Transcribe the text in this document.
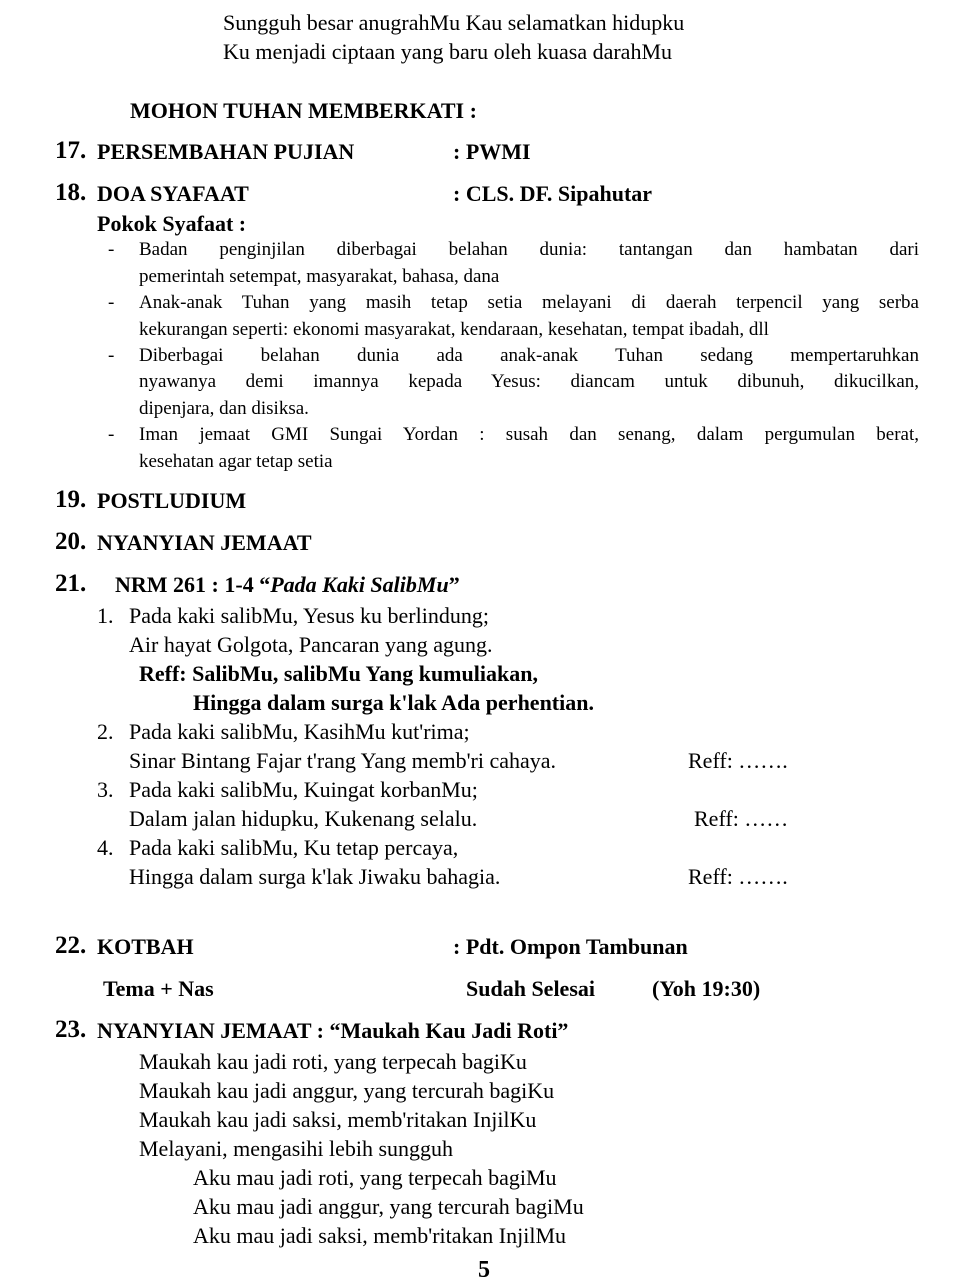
Sungguh besar anugrahMu Kau selamatkan hidupku
Ku menjadi ciptaan yang baru oleh kuasa darahMu
MOHON TUHAN MEMBERKATI :
17. PERSEMBAHAN PUJIAN	: PWMI
18. DOA SYAFAAT	: CLS. DF. Sipahutar
Pokok Syafaat :
- Badan penginjilan diberbagai belahan dunia: tantangan dan hambatan dari
pemerintah setempat, masyarakat, bahasa, dana
- Anak-anak Tuhan yang masih tetap setia melayani di daerah terpencil yang serba
kekurangan seperti: ekonomi masyarakat, kendaraan, kesehatan, tempat ibadah, dll
- Diberbagai belahan dunia ada anak-anak Tuhan sedang mempertaruhkan
nyawanya demi imannya kepada Yesus: diancam untuk dibunuh, dikucilkan,
dipenjara, dan disiksa.
- Iman jemaat GMI Sungai Yordan : susah dan senang, dalam pergumulan berat,
kesehatan agar tetap setia
19. POSTLUDIUM
20. NYANYIAN JEMAAT
21. NRM 261 : 1-4 “Pada Kaki SalibMu”
1. Pada kaki salibMu, Yesus ku berlindung;
Air hayat Golgota, Pancaran yang agung.
Reff: SalibMu, salibMu Yang kumuliakan,
Hingga dalam surga k'lak Ada perhentian.
2. Pada kaki salibMu, KasihMu kut'rima;
Sinar Bintang Fajar t'rang Yang memb'ri cahaya.	Reff: …….
3. Pada kaki salibMu, Kuingat korbanMu;
Dalam jalan hidupku, Kukenang selalu.	Reff: ……
4. Pada kaki salibMu, Ku tetap percaya,
Hingga dalam surga k'lak Jiwaku bahagia.	Reff: …….
22. KOTBAH	: Pdt. Ompon Tambunan
Tema + Nas	Sudah Selesai	(Yoh 19:30)
23. NYANYIAN JEMAAT : “Maukah Kau Jadi Roti”
Maukah kau jadi roti, yang terpecah bagiKu
Maukah kau jadi anggur, yang tercurah bagiKu
Maukah kau jadi saksi, memb'ritakan InjilKu
Melayani, mengasihi lebih sungguh
Aku mau jadi roti, yang terpecah bagiMu
Aku mau jadi anggur, yang tercurah bagiMu
Aku mau jadi saksi, memb'ritakan InjilMu
5
